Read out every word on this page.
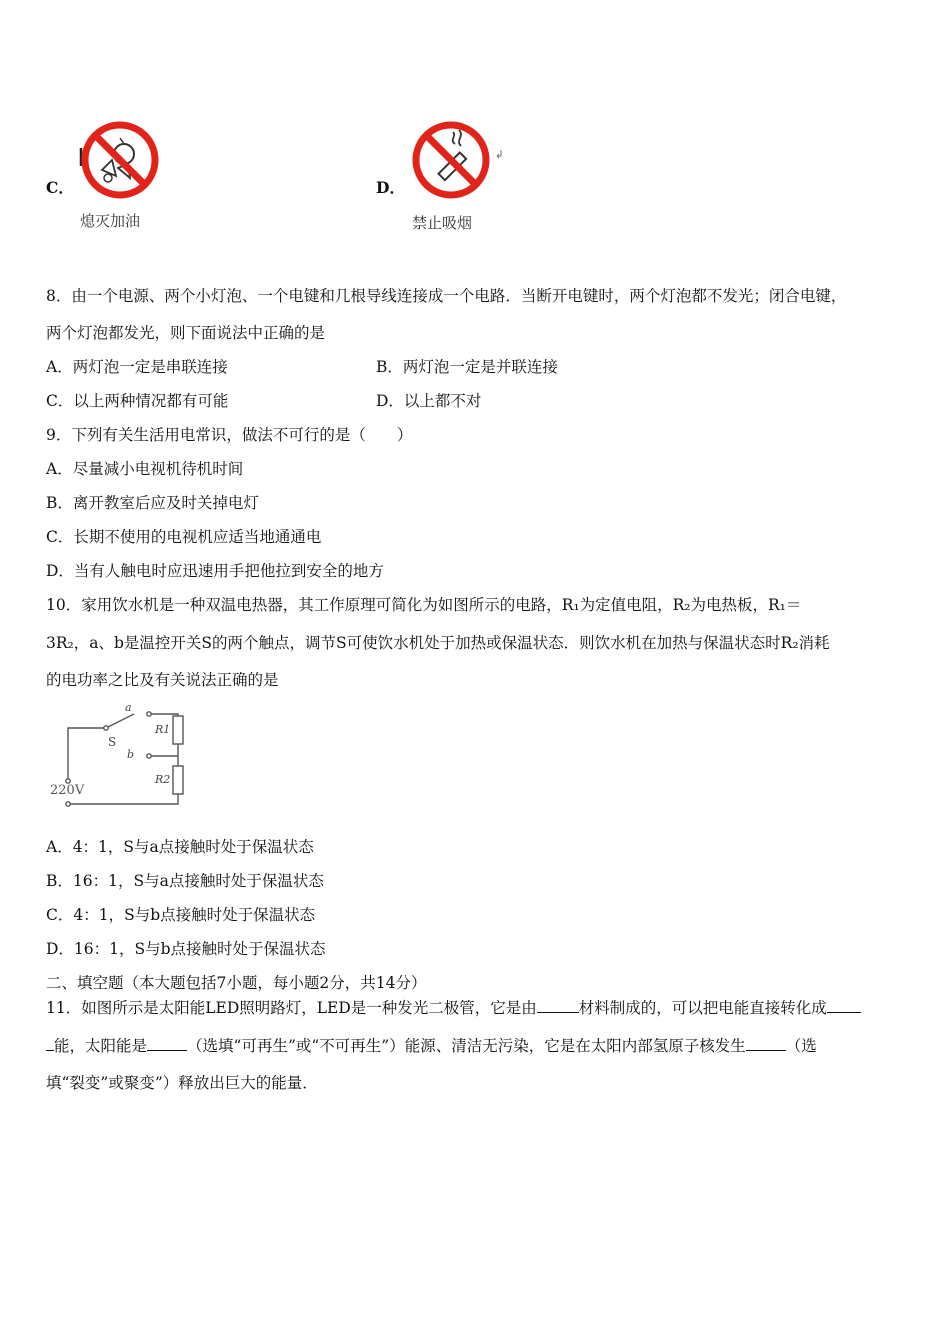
C．
熄灭加油
D．
禁止吸烟
8．由一个电源、两个小灯泡、一个电键和几根导线连接成一个电路．当断开电键时，两个灯泡都不发光；闭合电键，
两个灯泡都发光，则下面说法中正确的是
A．两灯泡一定是串联连接	B．两灯泡一定是并联连接
C．以上两种情况都有可能	D．以上都不对
9．下列有关生活用电常识，做法不可行的是（　　）
A．尽量减小电视机待机时间
B．离开教室后应及时关掉电灯
C．长期不使用的电视机应适当地通通电
D．当有人触电时应迅速用手把他拉到安全的地方
10．家用饮水机是一种双温电热器，其工作原理可简化为如图所示的电路，R₁为定值电阻，R₂为电热板，R₁＝
3R₂，a、b是温控开关S的两个触点，调节S可使饮水机处于加热或保温状态．则饮水机在加热与保温状态时R₂消耗
的电功率之比及有关说法正确的是
a
b
S
R1
R2
220V
A．4：1，S与a点接触时处于保温状态
B．16：1，S与a点接触时处于保温状态
C．4：1，S与b点接触时处于保温状态
D．16：1，S与b点接触时处于保温状态
二、填空题（本大题包括7小题，每小题2分，共14分）
11．如图所示是太阳能LED照明路灯，LED是一种发光二极管，它是由	材料制成的，可以把电能直接转化成
能，太阳能是	（选填“可再生”或“不可再生”）能源、清洁无污染，它是在太阳内部氢原子核发生	（选
填“裂变”或聚变”）释放出巨大的能量．
